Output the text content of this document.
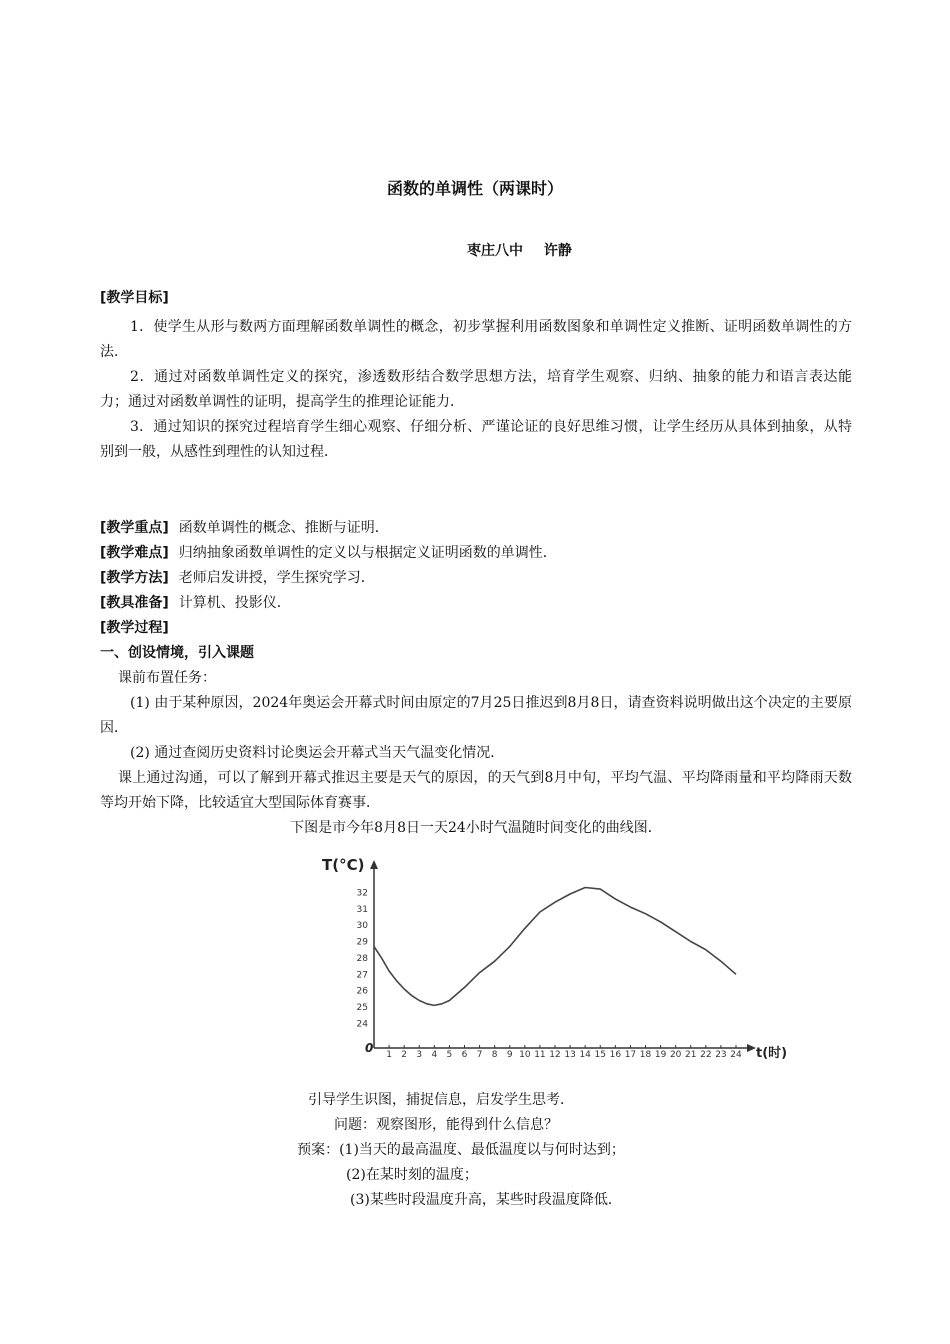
函数的单调性（两课时）
枣庄八中 许静

[教学目标]

1．使学生从形与数两方面理解函数单调性的概念，初步掌握利用函数图象和单调性定义推断、证明函数单调性的方法．

2．通过对函数单调性定义的探究，渗透数形结合数学思想方法，培育学生观察、归纳、抽象的能力和语言表达能力；通过对函数单调性的证明，提高学生的推理论证能力．

3．通过知识的探究过程培育学生细心观察、仔细分析、严谨论证的良好思维习惯，让学生经历从具体到抽象，从特别到一般，从感性到理性的认知过程．

[教学重点] 函数单调性的概念、推断与证明．

[教学难点] 归纳抽象函数单调性的定义以与根据定义证明函数的单调性．

[教学方法] 老师启发讲授，学生探究学习．

[教具准备] 计算机、投影仪．

[教学过程]

一、创设情境，引入课题

课前布置任务：

(1) 由于某种原因，2024年奥运会开幕式时间由原定的7月25日推迟到8月8日，请查资料说明做出这个决定的主要原因．

(2) 通过查阅历史资料讨论奥运会开幕式当天气温变化情况．

课上通过沟通，可以了解到开幕式推迟主要是天气的原因，的天气到8月中旬，平均气温、平均降雨量和平均降雨天数等均开始下降，比较适宜大型国际体育赛事．

下图是市今年8月8日一天24小时气温随时间变化的曲线图．

T(°C)
t(时)
0 1 2 3 4 5 6 7 8 9 10 11 12 13 14 15 16 17 18 19 20 21 22 23 24
24
25
26
27
28
29
30
31
32

引导学生识图，捕捉信息，启发学生思考．

问题：观察图形，能得到什么信息？

预案：(1)当天的最高温度、最低温度以与何时达到；

(2)在某时刻的温度；

(3)某些时段温度升高，某些时段温度降低．
